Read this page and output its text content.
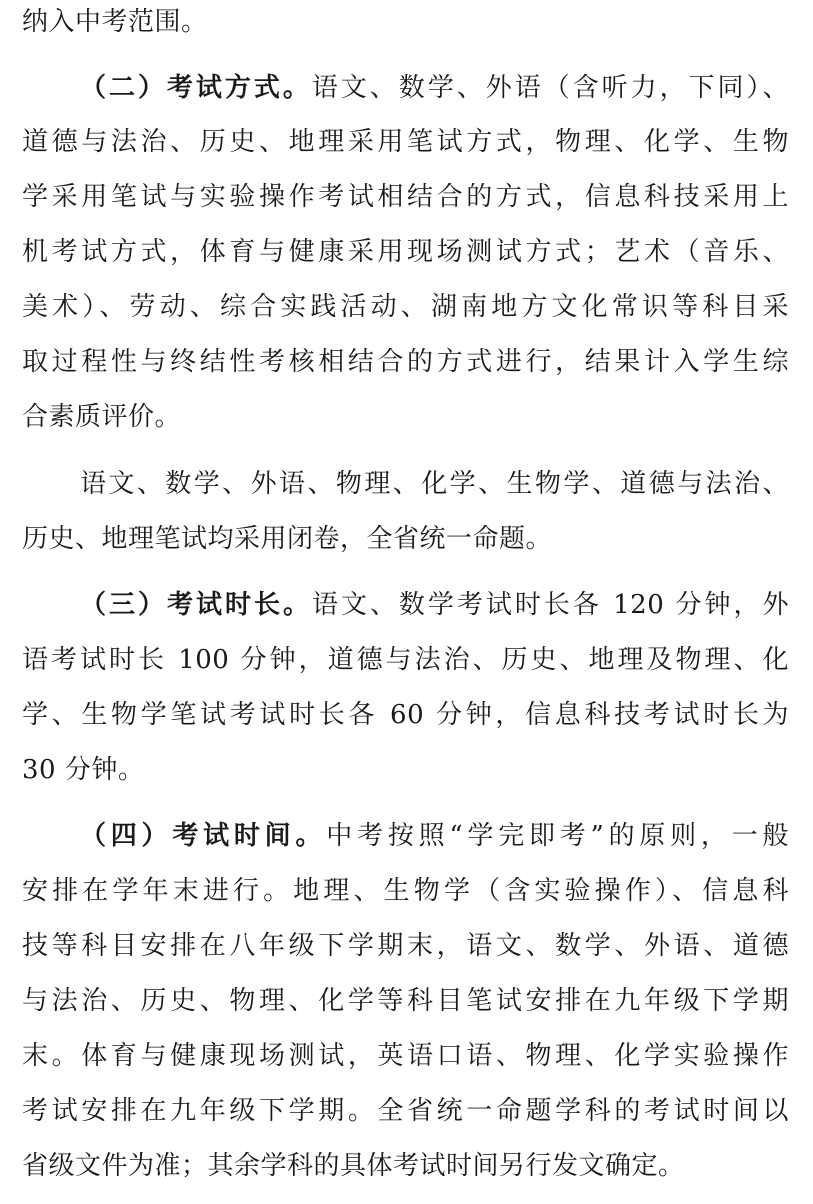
纳入中考范围。
（二）考试方式。语文、数学、外语（含听力，下同）、
道德与法治、历史、地理采用笔试方式，物理、化学、生物
学采用笔试与实验操作考试相结合的方式，信息科技采用上
机考试方式，体育与健康采用现场测试方式；艺术（音乐、
美术）、劳动、综合实践活动、湖南地方文化常识等科目采
取过程性与终结性考核相结合的方式进行，结果计入学生综
合素质评价。
语文、数学、外语、物理、化学、生物学、道德与法治、
历史、地理笔试均采用闭卷，全省统一命题。
（三）考试时长。语文、数学考试时长各 120 分钟，外
语考试时长 100 分钟，道德与法治、历史、地理及物理、化
学、生物学笔试考试时长各 60 分钟，信息科技考试时长为
30 分钟。
（四）考试时间。中考按照“学完即考”的原则，一般
安排在学年末进行。地理、生物学（含实验操作）、信息科
技等科目安排在八年级下学期末，语文、数学、外语、道德
与法治、历史、物理、化学等科目笔试安排在九年级下学期
末。体育与健康现场测试，英语口语、物理、化学实验操作
考试安排在九年级下学期。全省统一命题学科的考试时间以
省级文件为准；其余学科的具体考试时间另行发文确定。
